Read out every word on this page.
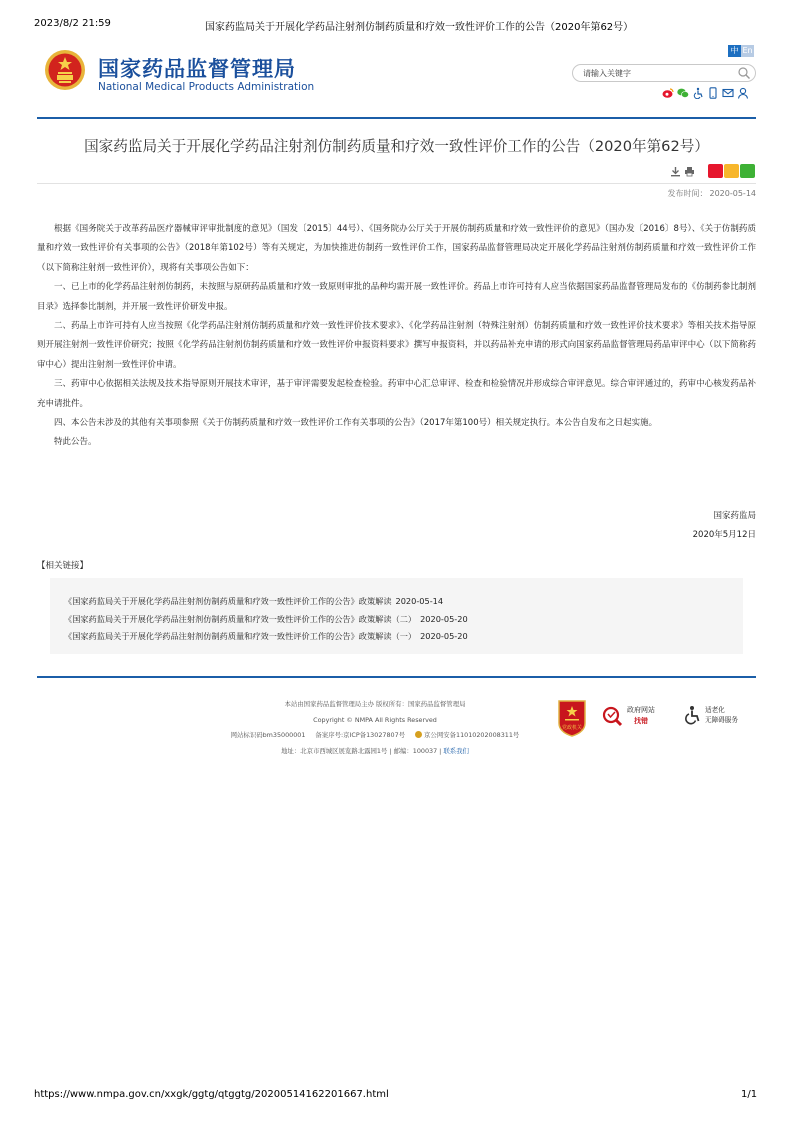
2023/8/2 21:59	国家药监局关于开展化学药品注射剂仿制药质量和疗效一致性评价工作的公告（2020年第62号）
国家药品监督管理局
National Medical Products Administration
中 En
请输入关键字
国家药监局关于开展化学药品注射剂仿制药质量和疗效一致性评价工作的公告（2020年第62号）
发布时间： 2020-05-14

根据《国务院关于改革药品医疗器械审评审批制度的意见》（国发〔2015〕44号）、《国务院办公厅关于开展仿制药质量和疗效一致性评价的意见》（国办发〔2016〕8号）、《关于仿制药质量和疗效一致性评价有关事项的公告》（2018年第102号）等有关规定，为加快推进仿制药一致性评价工作，国家药品监督管理局决定开展化学药品注射剂仿制药质量和疗效一致性评价工作（以下简称注射剂一致性评价），现将有关事项公告如下：

一、已上市的化学药品注射剂仿制药，未按照与原研药品质量和疗效一致原则审批的品种均需开展一致性评价。药品上市许可持有人应当依据国家药品监督管理局发布的《仿制药参比制剂目录》选择参比制剂，并开展一致性评价研发申报。

二、药品上市许可持有人应当按照《化学药品注射剂仿制药质量和疗效一致性评价技术要求》、《化学药品注射剂（特殊注射剂）仿制药质量和疗效一致性评价技术要求》等相关技术指导原则开展注射剂一致性评价研究；按照《化学药品注射剂仿制药质量和疗效一致性评价申报资料要求》撰写申报资料，并以药品补充申请的形式向国家药品监督管理局药品审评中心（以下简称药审中心）提出注射剂一致性评价申请。

三、药审中心依据相关法规及技术指导原则开展技术审评，基于审评需要发起检查检验。药审中心汇总审评、检查和检验情况并形成综合审评意见。综合审评通过的，药审中心核发药品补充申请批件。

四、本公告未涉及的其他有关事项参照《关于仿制药质量和疗效一致性评价工作有关事项的公告》（2017年第100号）相关规定执行。本公告自发布之日起实施。

特此公告。

国家药监局
2020年5月12日
【相关链接】
《国家药监局关于开展化学药品注射剂仿制药质量和疗效一致性评价工作的公告》政策解读 2020-05-14
《国家药监局关于开展化学药品注射剂仿制药质量和疗效一致性评价工作的公告》政策解读（二） 2020-05-20
《国家药监局关于开展化学药品注射剂仿制药质量和疗效一致性评价工作的公告》政策解读（一） 2020-05-20
本站由国家药品监督管理局主办 版权所有：国家药品监督管理局
Copyright © NMPA All Rights Reserved
网站标识码bm35000001 备案序号:京ICP备13027807号	京公网安备11010202008311号
地址：北京市西城区展览路北露园1号 | 邮编：100037 | 联系我们
党政机关
政府网站
找错
适老化
无障碍服务
https://www.nmpa.gov.cn/xxgk/ggtg/qtggtg/20200514162201667.html	1/1
